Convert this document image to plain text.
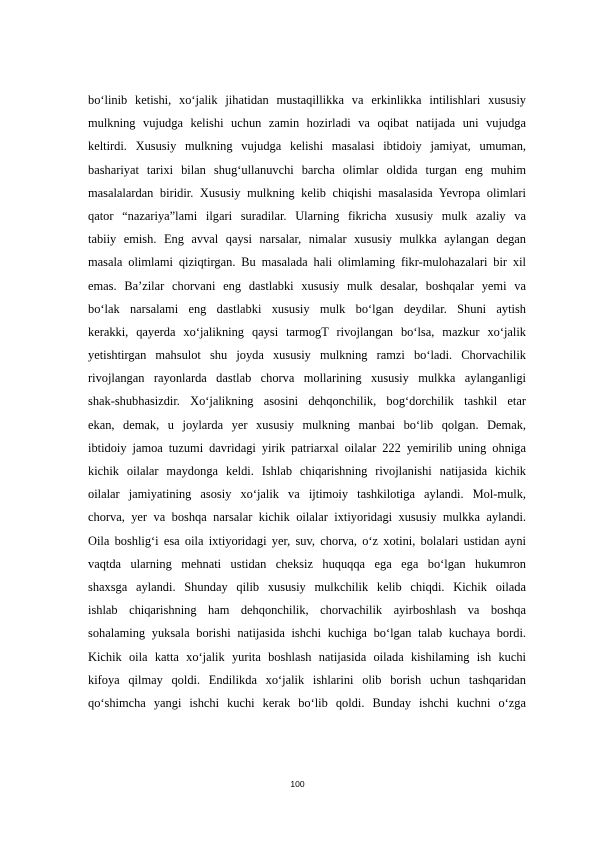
bo‘linib ketishi, xo‘jalik jihatidan mustaqillikka va erkinlikka intilishlari xususiy
mulkning vujudga kelishi uchun zamin hozirladi va oqibat natijada uni vujudga
keltirdi. Xususiy mulkning vujudga kelishi masalasi ibtidoiy jamiyat, umuman,
bashariyat tarixi bilan shug‘ullanuvchi barcha olimlar oldida turgan eng muhim
masalalardan biridir. Xususiy mulkning kelib chiqishi masalasida Yevropa olimlari
qator “nazariya”lami ilgari suradilar. Ularning fikricha xususiy mulk azaliy va
tabiiy emish. Eng avval qaysi narsalar, nimalar xususiy mulkka aylangan degan
masala olimlami qiziqtirgan. Bu masalada hali olimlaming fikr-mulohazalari bir xil
emas. Ba’zilar chorvani eng dastlabki xususiy mulk desalar, boshqalar yemi va
bo‘lak narsalami eng dastlabki xususiy mulk bo‘lgan deydilar. Shuni aytish
kerakki, qayerda xo‘jalikning qaysi tarmogT rivojlangan bo‘lsa, mazkur xo‘jalik
yetishtirgan mahsulot shu joyda xususiy mulkning ramzi bo‘ladi. Chorvachilik
rivojlangan rayonlarda dastlab chorva mollarining xususiy mulkka aylanganligi
shak-shubhasizdir. Xo‘jalikning asosini dehqonchilik, bog‘dorchilik tashkil etar
ekan, demak, u joylarda yer xususiy mulkning manbai bo‘lib qolgan. Demak,
ibtidoiy jamoa tuzumi davridagi yirik patriarxal oilalar 222 yemirilib uning ohniga
kichik oilalar maydonga keldi. Ishlab chiqarishning rivojlanishi natijasida kichik
oilalar jamiyatining asosiy xo‘jalik va ijtimoiy tashkilotiga aylandi. Mol-mulk,
chorva, yer va boshqa narsalar kichik oilalar ixtiyoridagi xususiy mulkka aylandi.
Oila boshlig‘i esa oila ixtiyoridagi yer, suv, chorva, o‘z xotini, bolalari ustidan ayni
vaqtda ularning mehnati ustidan cheksiz huquqqa ega ega bo‘lgan hukumron
shaxsga aylandi. Shunday qilib xususiy mulkchilik kelib chiqdi. Kichik oilada
ishlab chiqarishning ham dehqonchilik, chorvachilik ayirboshlash va boshqa
sohalaming yuksala borishi natijasida ishchi kuchiga bo‘lgan talab kuchaya bordi.
Kichik oila katta xo‘jalik yurita boshlash natijasida oilada kishilaming ish kuchi
kifoya qilmay qoldi. Endilikda xo‘jalik ishlarini olib borish uchun tashqaridan
qo‘shimcha yangi ishchi kuchi kerak bo‘lib qoldi. Bunday ishchi kuchni o‘zga
100
